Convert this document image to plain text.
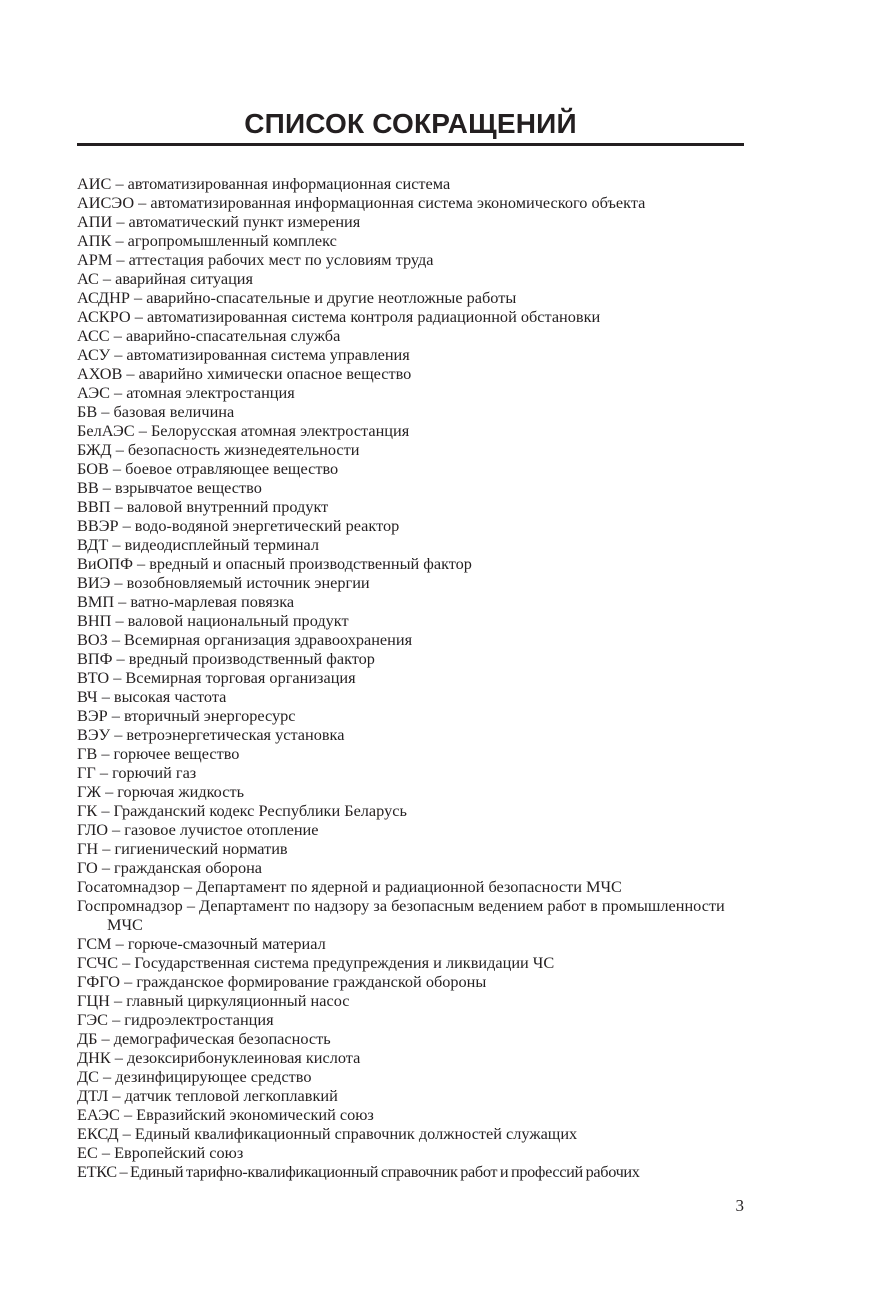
СПИСОК СОКРАЩЕНИЙ
АИС – автоматизированная информационная система
АИСЭО – автоматизированная информационная система экономического объекта
АПИ – автоматический пункт измерения
АПК – агропромышленный комплекс
АРМ – аттестация рабочих мест по условиям труда
АС – аварийная ситуация
АСДНР – аварийно-спасательные и другие неотложные работы
АСКРО – автоматизированная система контроля радиационной обстановки
АСС – аварийно-спасательная служба
АСУ – автоматизированная система управления
АХОВ – аварийно химически опасное вещество
АЭС – атомная электростанция
БВ – базовая величина
БелАЭС – Белорусская атомная электростанция
БЖД – безопасность жизнедеятельности
БОВ – боевое отравляющее вещество
ВВ – взрывчатое вещество
ВВП – валовой внутренний продукт
ВВЭР – водо-водяной энергетический реактор
ВДТ – видеодисплейный терминал
ВиОПФ – вредный и опасный производственный фактор
ВИЭ – возобновляемый источник энергии
ВМП – ватно-марлевая повязка
ВНП – валовой национальный продукт
ВОЗ – Всемирная организация здравоохранения
ВПФ – вредный производственный фактор
ВТО – Всемирная торговая организация
ВЧ – высокая частота
ВЭР – вторичный энергоресурс
ВЭУ – ветроэнергетическая установка
ГВ – горючее вещество
ГГ – горючий газ
ГЖ – горючая жидкость
ГК – Гражданский кодекс Республики Беларусь
ГЛО – газовое лучистое отопление
ГН – гигиенический норматив
ГО – гражданская оборона
Госатомнадзор – Департамент по ядерной и радиационной безопасности МЧС
Госпромнадзор – Департамент по надзору за безопасным ведением работ в промышленности МЧС
ГСМ – горюче-смазочный материал
ГСЧС – Государственная система предупреждения и ликвидации ЧС
ГФГО – гражданское формирование гражданской обороны
ГЦН – главный циркуляционный насос
ГЭС – гидроэлектростанция
ДБ – демографическая безопасность
ДНК – дезоксирибонуклеиновая кислота
ДС – дезинфицирующее средство
ДТЛ – датчик тепловой легкоплавкий
ЕАЭС – Евразийский экономический союз
ЕКСД – Единый квалификационный справочник должностей служащих
ЕС – Европейский союз
ЕТКС – Единый тарифно-квалификационный справочник работ и профессий рабочих
3
